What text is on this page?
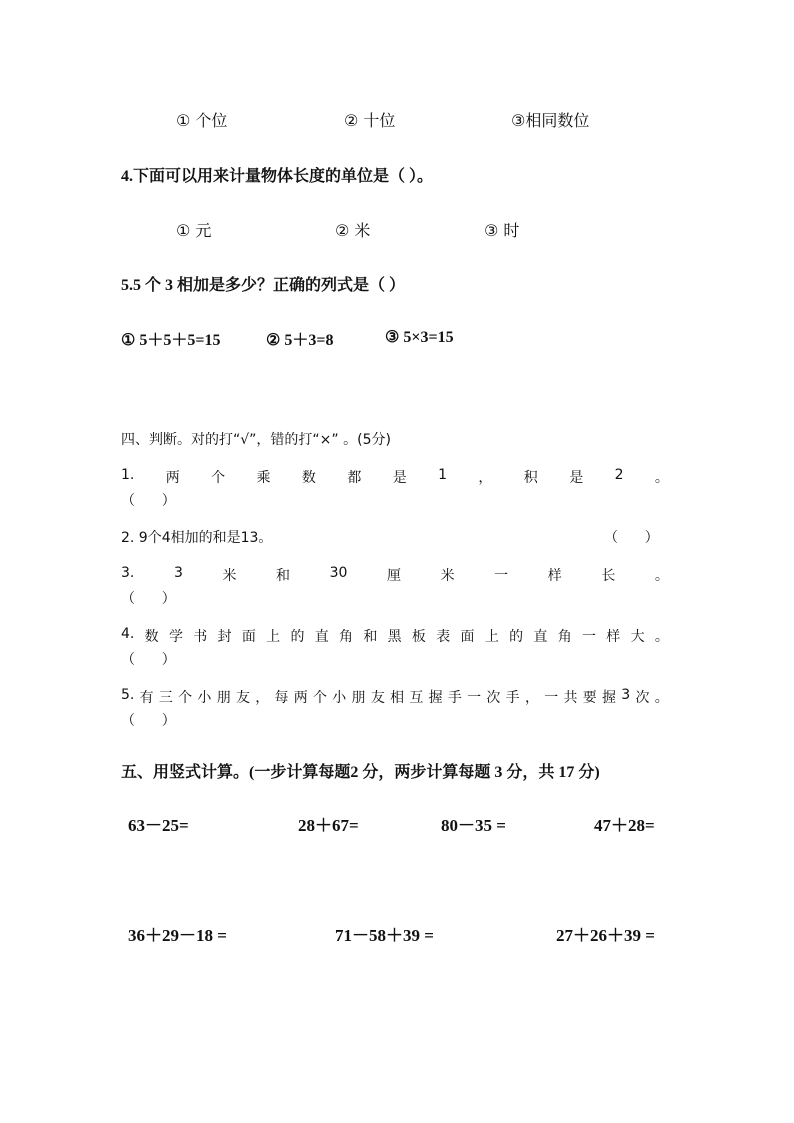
① 个位	② 十位	③相同数位
4.下面可以用来计量物体长度的单位是（ ）。
① 元	② 米	③ 时
5.5 个 3 相加是多少？正确的列式是（ ）
① 5＋5＋5=15	② 5＋3=8	③ 5×3=15
四、判断。对的打“√”，错的打“×” 。(5分)
1. 两 个 乘 数 都 是 1 ， 积 是 2 。
（      ）
2. 9个4相加的和是13。	（      ）
3.	3	米	和	30	厘	米	一	样	长	。
（      ）
4. 数 学 书 封 面 上 的 直 角 和 黑 板 表 面 上 的 直 角 一 样 大 。
（      ）
5. 有 三 个 小 朋 友 ， 每 两 个 小 朋 友 相 互 握 手 一 次 手 ， 一 共 要 握 3 次 。
（      ）
五、用竖式计算。(一步计算每题2 分，两步计算每题 3 分，共 17 分)
63－25=	28＋67=	80－35 =	47＋28=
36＋29－18 =	71－58＋39 =	27＋26＋39 =
